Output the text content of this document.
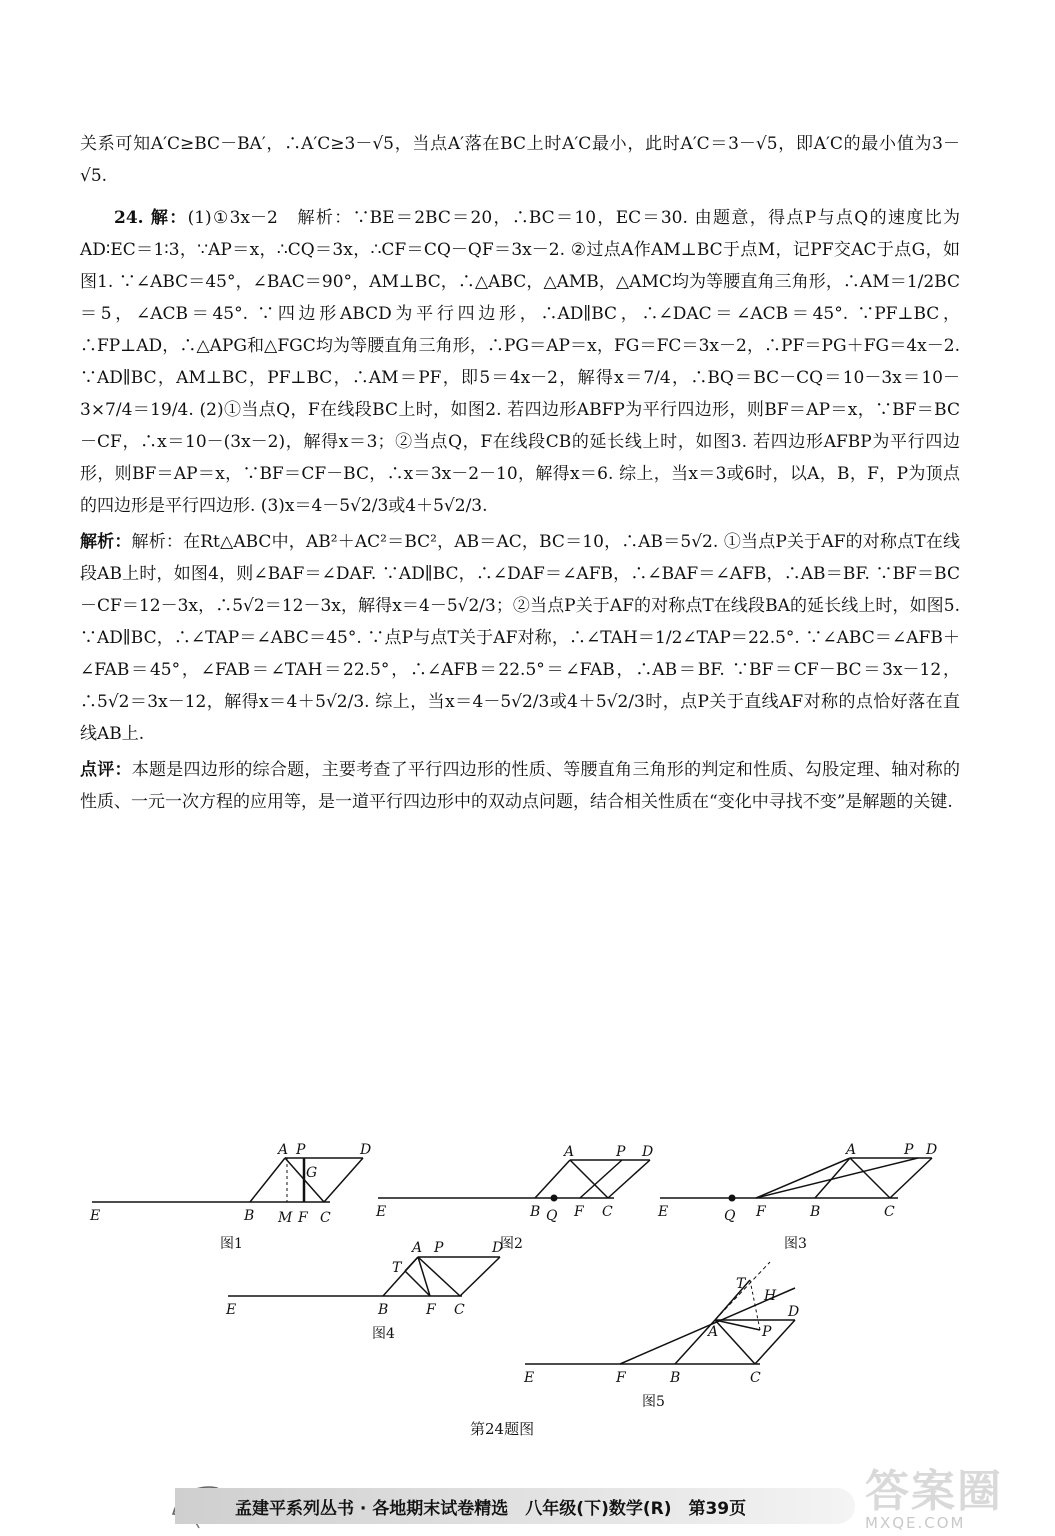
关系可知A′C≥BC－BA′，∴A′C≥3－√5，当点A′落在BC上时A′C最小，此时A′C＝3－√5，即A′C的最小值为3－√5.

24. 解：(1)①3x－2　解析：∵BE＝2BC＝20，∴BC＝10，EC＝30. 由题意，得点P与点Q的速度比为AD∶EC＝1∶3，∵AP＝x，∴CQ＝3x，∴CF＝CQ－QF＝3x－2. ②过点A作AM⊥BC于点M，记PF交AC于点G，如图1. ∵∠ABC＝45°，∠BAC＝90°，AM⊥BC，∴△ABC，△AMB，△AMC均为等腰直角三角形，∴AM＝1/2BC＝5，∠ACB＝45°. ∵四边形ABCD为平行四边形，∴AD∥BC，∴∠DAC＝∠ACB＝45°. ∵PF⊥BC，∴FP⊥AD，∴△APG和△FGC均为等腰直角三角形，∴PG＝AP＝x，FG＝FC＝3x－2，∴PF＝PG＋FG＝4x－2. ∵AD∥BC，AM⊥BC，PF⊥BC，∴AM＝PF，即5＝4x－2，解得x＝7/4，∴BQ＝BC－CQ＝10－3x＝10－3×7/4＝19/4. (2)①当点Q，F在线段BC上时，如图2. 若四边形ABFP为平行四边形，则BF＝AP＝x，∵BF＝BC－CF，∴x＝10－(3x－2)，解得x＝3；②当点Q，F在线段CB的延长线上时，如图3. 若四边形AFBP为平行四边形，则BF＝AP＝x，∵BF＝CF－BC，∴x＝3x－2－10，解得x＝6. 综上，当x＝3或6时，以A，B，F，P为顶点的四边形是平行四边形. (3)x＝4－5√2/3或4＋5√2/3.

解析：解析：在Rt△ABC中，AB²＋AC²＝BC²，AB＝AC，BC＝10，∴AB＝5√2. ①当点P关于AF的对称点T在线段AB上时，如图4，则∠BAF＝∠DAF. ∵AD∥BC，∴∠DAF＝∠AFB，∴∠BAF＝∠AFB，∴AB＝BF. ∵BF＝BC－CF＝12－3x，∴5√2＝12－3x，解得x＝4－5√2/3；②当点P关于AF的对称点T在线段BA的延长线上时，如图5. ∵AD∥BC，∴∠TAP＝∠ABC＝45°. ∵点P与点T关于AF对称，∴∠TAH＝1/2∠TAP＝22.5°. ∵∠ABC＝∠AFB＋∠FAB＝45°，∠FAB＝∠TAH＝22.5°，∴∠AFB＝22.5°＝∠FAB，∴AB＝BF. ∵BF＝CF－BC＝3x－12，∴5√2＝3x－12，解得x＝4＋5√2/3. 综上，当x＝4－5√2/3或4＋5√2/3时，点P关于直线AF对称的点恰好落在直线AB上.

点评：本题是四边形的综合题，主要考查了平行四边形的性质、等腰直角三角形的判定和性质、勾股定理、轴对称的性质、一元一次方程的应用等，是一道平行四边形中的双动点问题，结合相关性质在“变化中寻找不变”是解题的关键.

A P	D
G
E	B M F C
图1
A	P D
E	B Q F C
图2
A	P D
E	Q F	B	C
图3
T
A P	D
E	B	F C
图4
T
H
A
D
P
E	F	B	C
图5
第24题图
孟建平系列丛书 · 各地期末试卷精选　八年级(下)数学(R)　第39页	答案圈
MXQE.COM
